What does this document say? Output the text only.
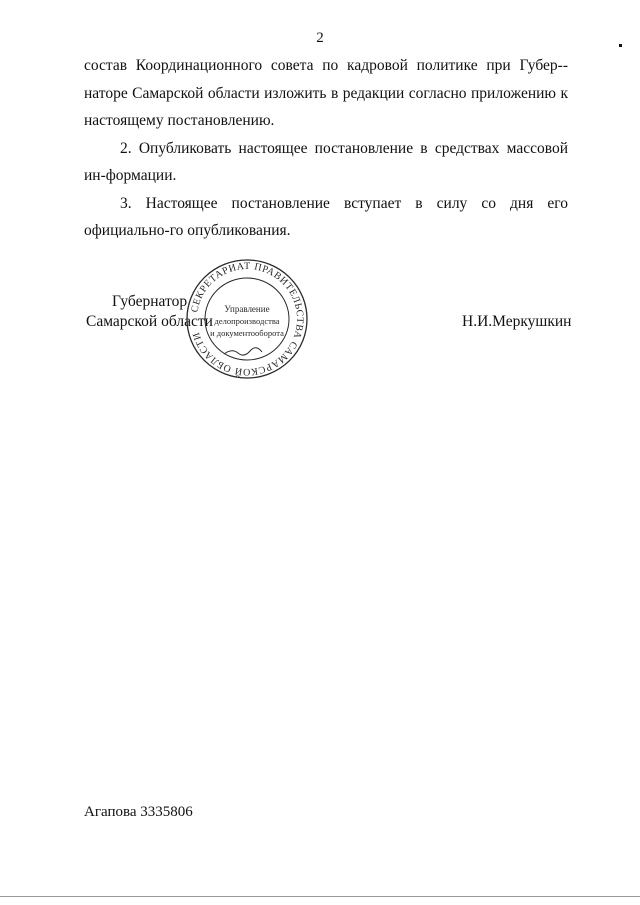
2

состав Координационного совета по кадровой политике при Губер-наторе Самарской области изложить в редакции согласно приложению к настоящему постановлению.

2. Опубликовать настоящее постановление в средствах массовой ин-формации.

3. Настоящее постановление вступает в силу со дня его официально-го опубликования.

Губернатор
Самарской области
СЕКРЕТАРИАТ ПРАВИТЕЛЬСТВА САМАРСКОЙ ОБЛАСТИ
Управление
делопроизводства
и документооборота
Н.И.Меркушкин
Агапова 3335806
